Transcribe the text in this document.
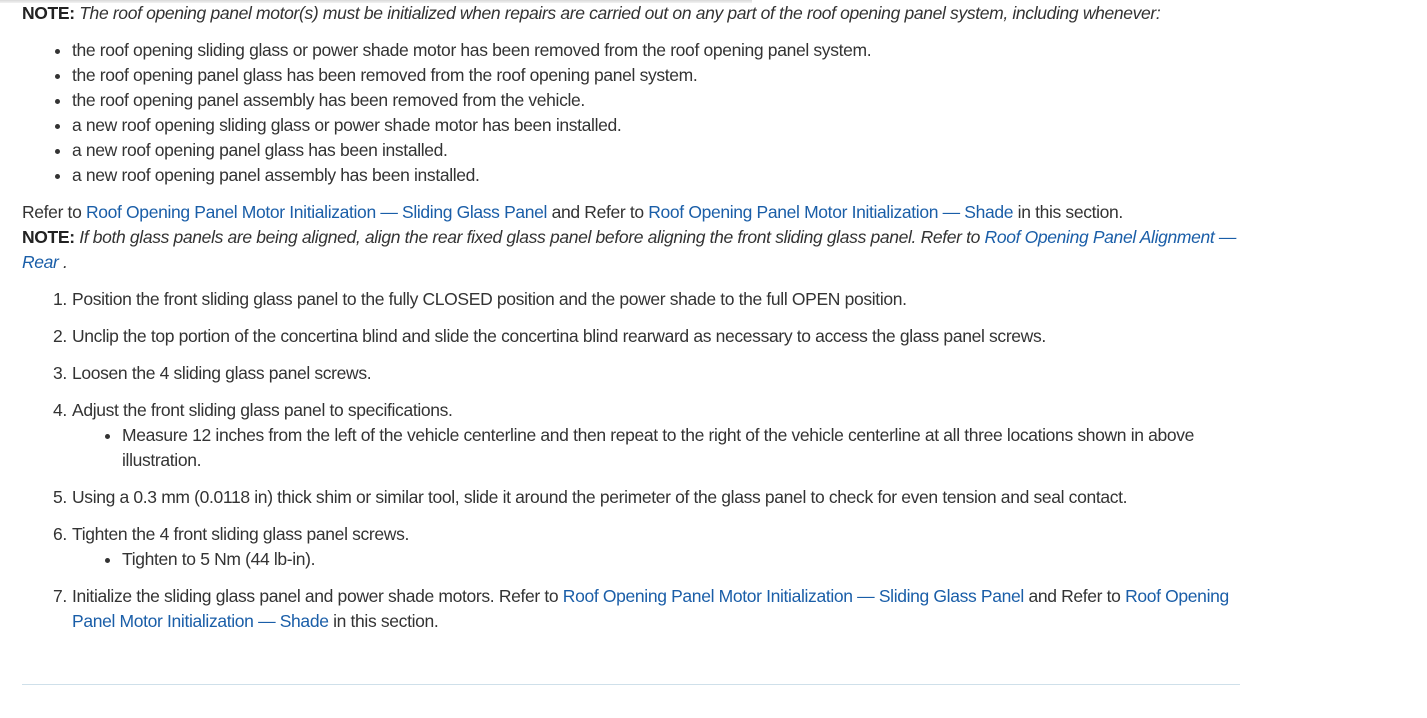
NOTE: The roof opening panel motor(s) must be initialized when repairs are carried out on any part of the roof opening panel system, including whenever:

• the roof opening sliding glass or power shade motor has been removed from the roof opening panel system.
• the roof opening panel glass has been removed from the roof opening panel system.
• the roof opening panel assembly has been removed from the vehicle.
• a new roof opening sliding glass or power shade motor has been installed.
• a new roof opening panel glass has been installed.
• a new roof opening panel assembly has been installed.

Refer to Roof Opening Panel Motor Initialization — Sliding Glass Panel and Refer to Roof Opening Panel Motor Initialization — Shade in this section.

NOTE: If both glass panels are being aligned, align the rear fixed glass panel before aligning the front sliding glass panel. Refer to Roof Opening Panel Alignment — Rear .

1. Position the front sliding glass panel to the fully CLOSED position and the power shade to the full OPEN position.
2. Unclip the top portion of the concertina blind and slide the concertina blind rearward as necessary to access the glass panel screws.
3. Loosen the 4 sliding glass panel screws.
4. Adjust the front sliding glass panel to specifications.
• Measure 12 inches from the left of the vehicle centerline and then repeat to the right of the vehicle centerline at all three locations shown in above illustration.
5. Using a 0.3 mm (0.0118 in) thick shim or similar tool, slide it around the perimeter of the glass panel to check for even tension and seal contact.
6. Tighten the 4 front sliding glass panel screws.
• Tighten to 5 Nm (44 lb-in).
7. Initialize the sliding glass panel and power shade motors. Refer to Roof Opening Panel Motor Initialization — Sliding Glass Panel and Refer to Roof Opening Panel Motor Initialization — Shade in this section.
